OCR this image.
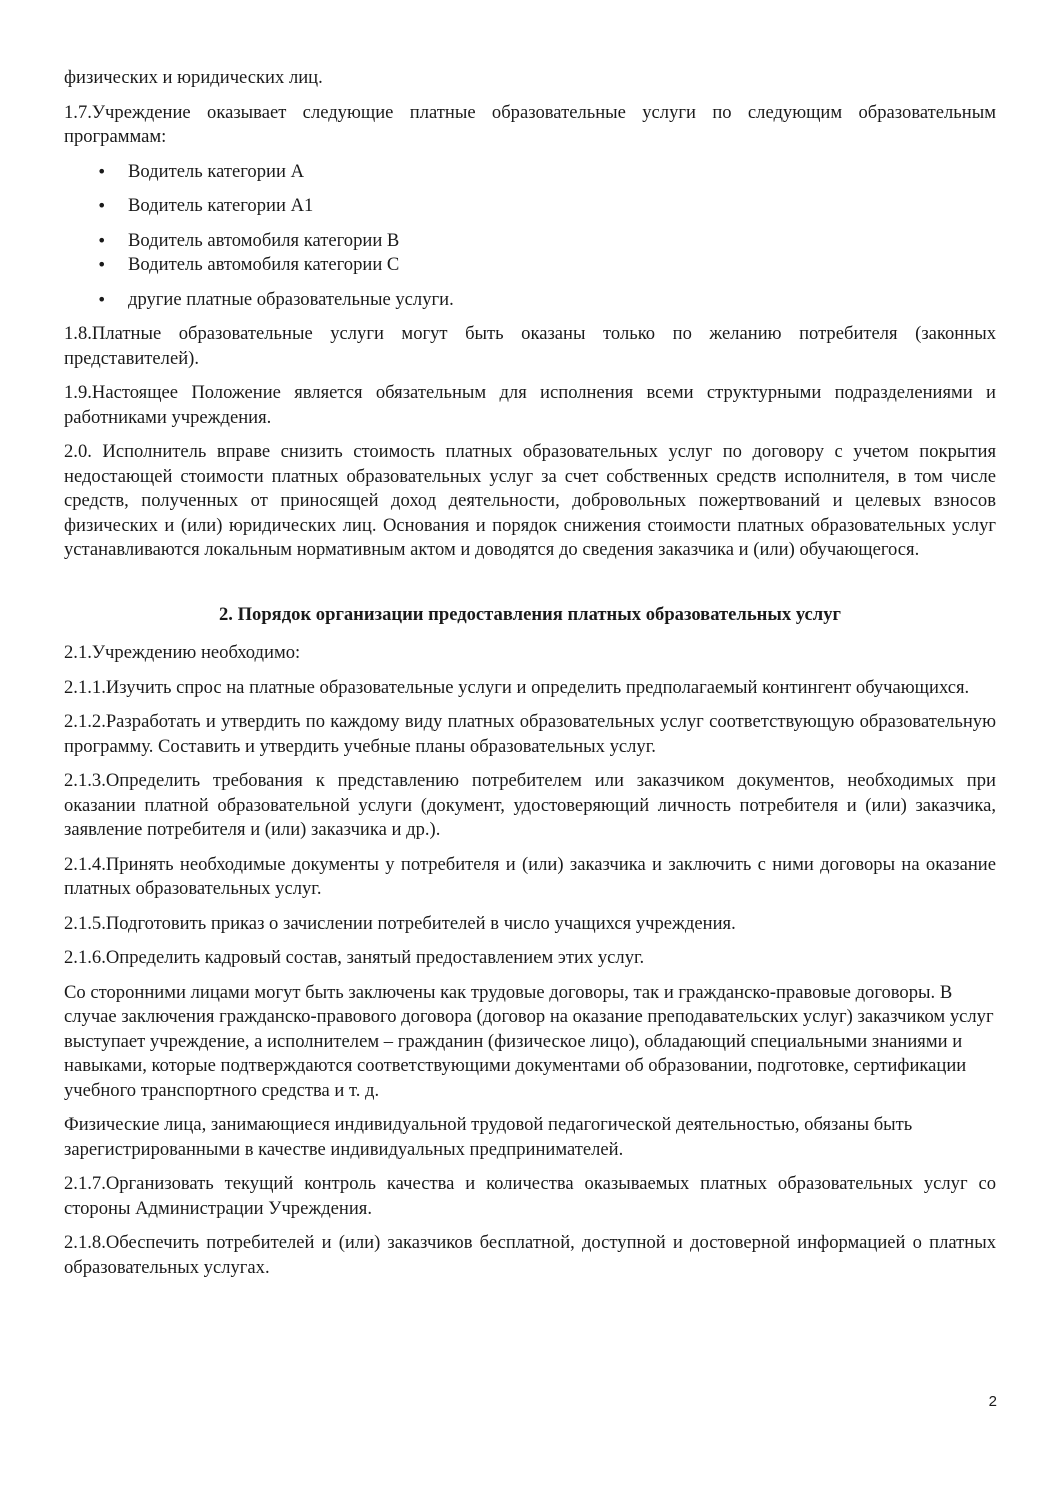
физических и юридических лиц.

1.7.Учреждение оказывает следующие платные образовательные услуги по следующим образовательным программам:

• Водитель категории А
• Водитель категории А1
• Водитель автомобиля категории В
• Водитель автомобиля категории С
• другие платные образовательные услуги.

1.8.Платные образовательные услуги могут быть оказаны только по желанию потребителя (законных представителей).

1.9.Настоящее Положение является обязательным для исполнения всеми структурными подразделениями и работниками учреждения.

2.0. Исполнитель вправе снизить стоимость платных образовательных услуг по договору с учетом покрытия недостающей стоимости платных образовательных услуг за счет собственных средств исполнителя, в том числе средств, полученных от приносящей доход деятельности, добровольных пожертвований и целевых взносов физических и (или) юридических лиц. Основания и порядок снижения стоимости платных образовательных услуг устанавливаются локальным нормативным актом и доводятся до сведения заказчика и (или) обучающегося.

2. Порядок организации предоставления платных образовательных услуг

2.1.Учреждению необходимо:

2.1.1.Изучить спрос на платные образовательные услуги и определить предполагаемый контингент обучающихся.

2.1.2.Разработать и утвердить по каждому виду платных образовательных услуг соответствующую образовательную программу. Составить и утвердить учебные планы образовательных услуг.

2.1.3.Определить требования к представлению потребителем или заказчиком документов, необходимых при оказании платной образовательной услуги (документ, удостоверяющий личность потребителя и (или) заказчика, заявление потребителя и (или) заказчика и др.).

2.1.4.Принять необходимые документы у потребителя и (или) заказчика и заключить с ними договоры на оказание платных образовательных услуг.

2.1.5.Подготовить приказ о зачислении потребителей в число учащихся учреждения.

2.1.6.Определить кадровый состав, занятый предоставлением этих услуг.

Со сторонними лицами могут быть заключены как трудовые договоры, так и гражданско-правовые договоры. В случае заключения гражданско-правового договора (договор на оказание преподавательских услуг) заказчиком услуг выступает учреждение, а исполнителем – гражданин (физическое лицо), обладающий специальными знаниями и навыками, которые подтверждаются соответствующими документами об образовании, подготовке, сертификации учебного транспортного средства и т. д.

Физические лица, занимающиеся индивидуальной трудовой педагогической деятельностью, обязаны быть зарегистрированными в качестве индивидуальных предпринимателей.

2.1.7.Организовать текущий контроль качества и количества оказываемых платных образовательных услуг со стороны Администрации Учреждения.

2.1.8.Обеспечить потребителей и (или) заказчиков бесплатной, доступной и достоверной информацией о платных образовательных услугах.

2
